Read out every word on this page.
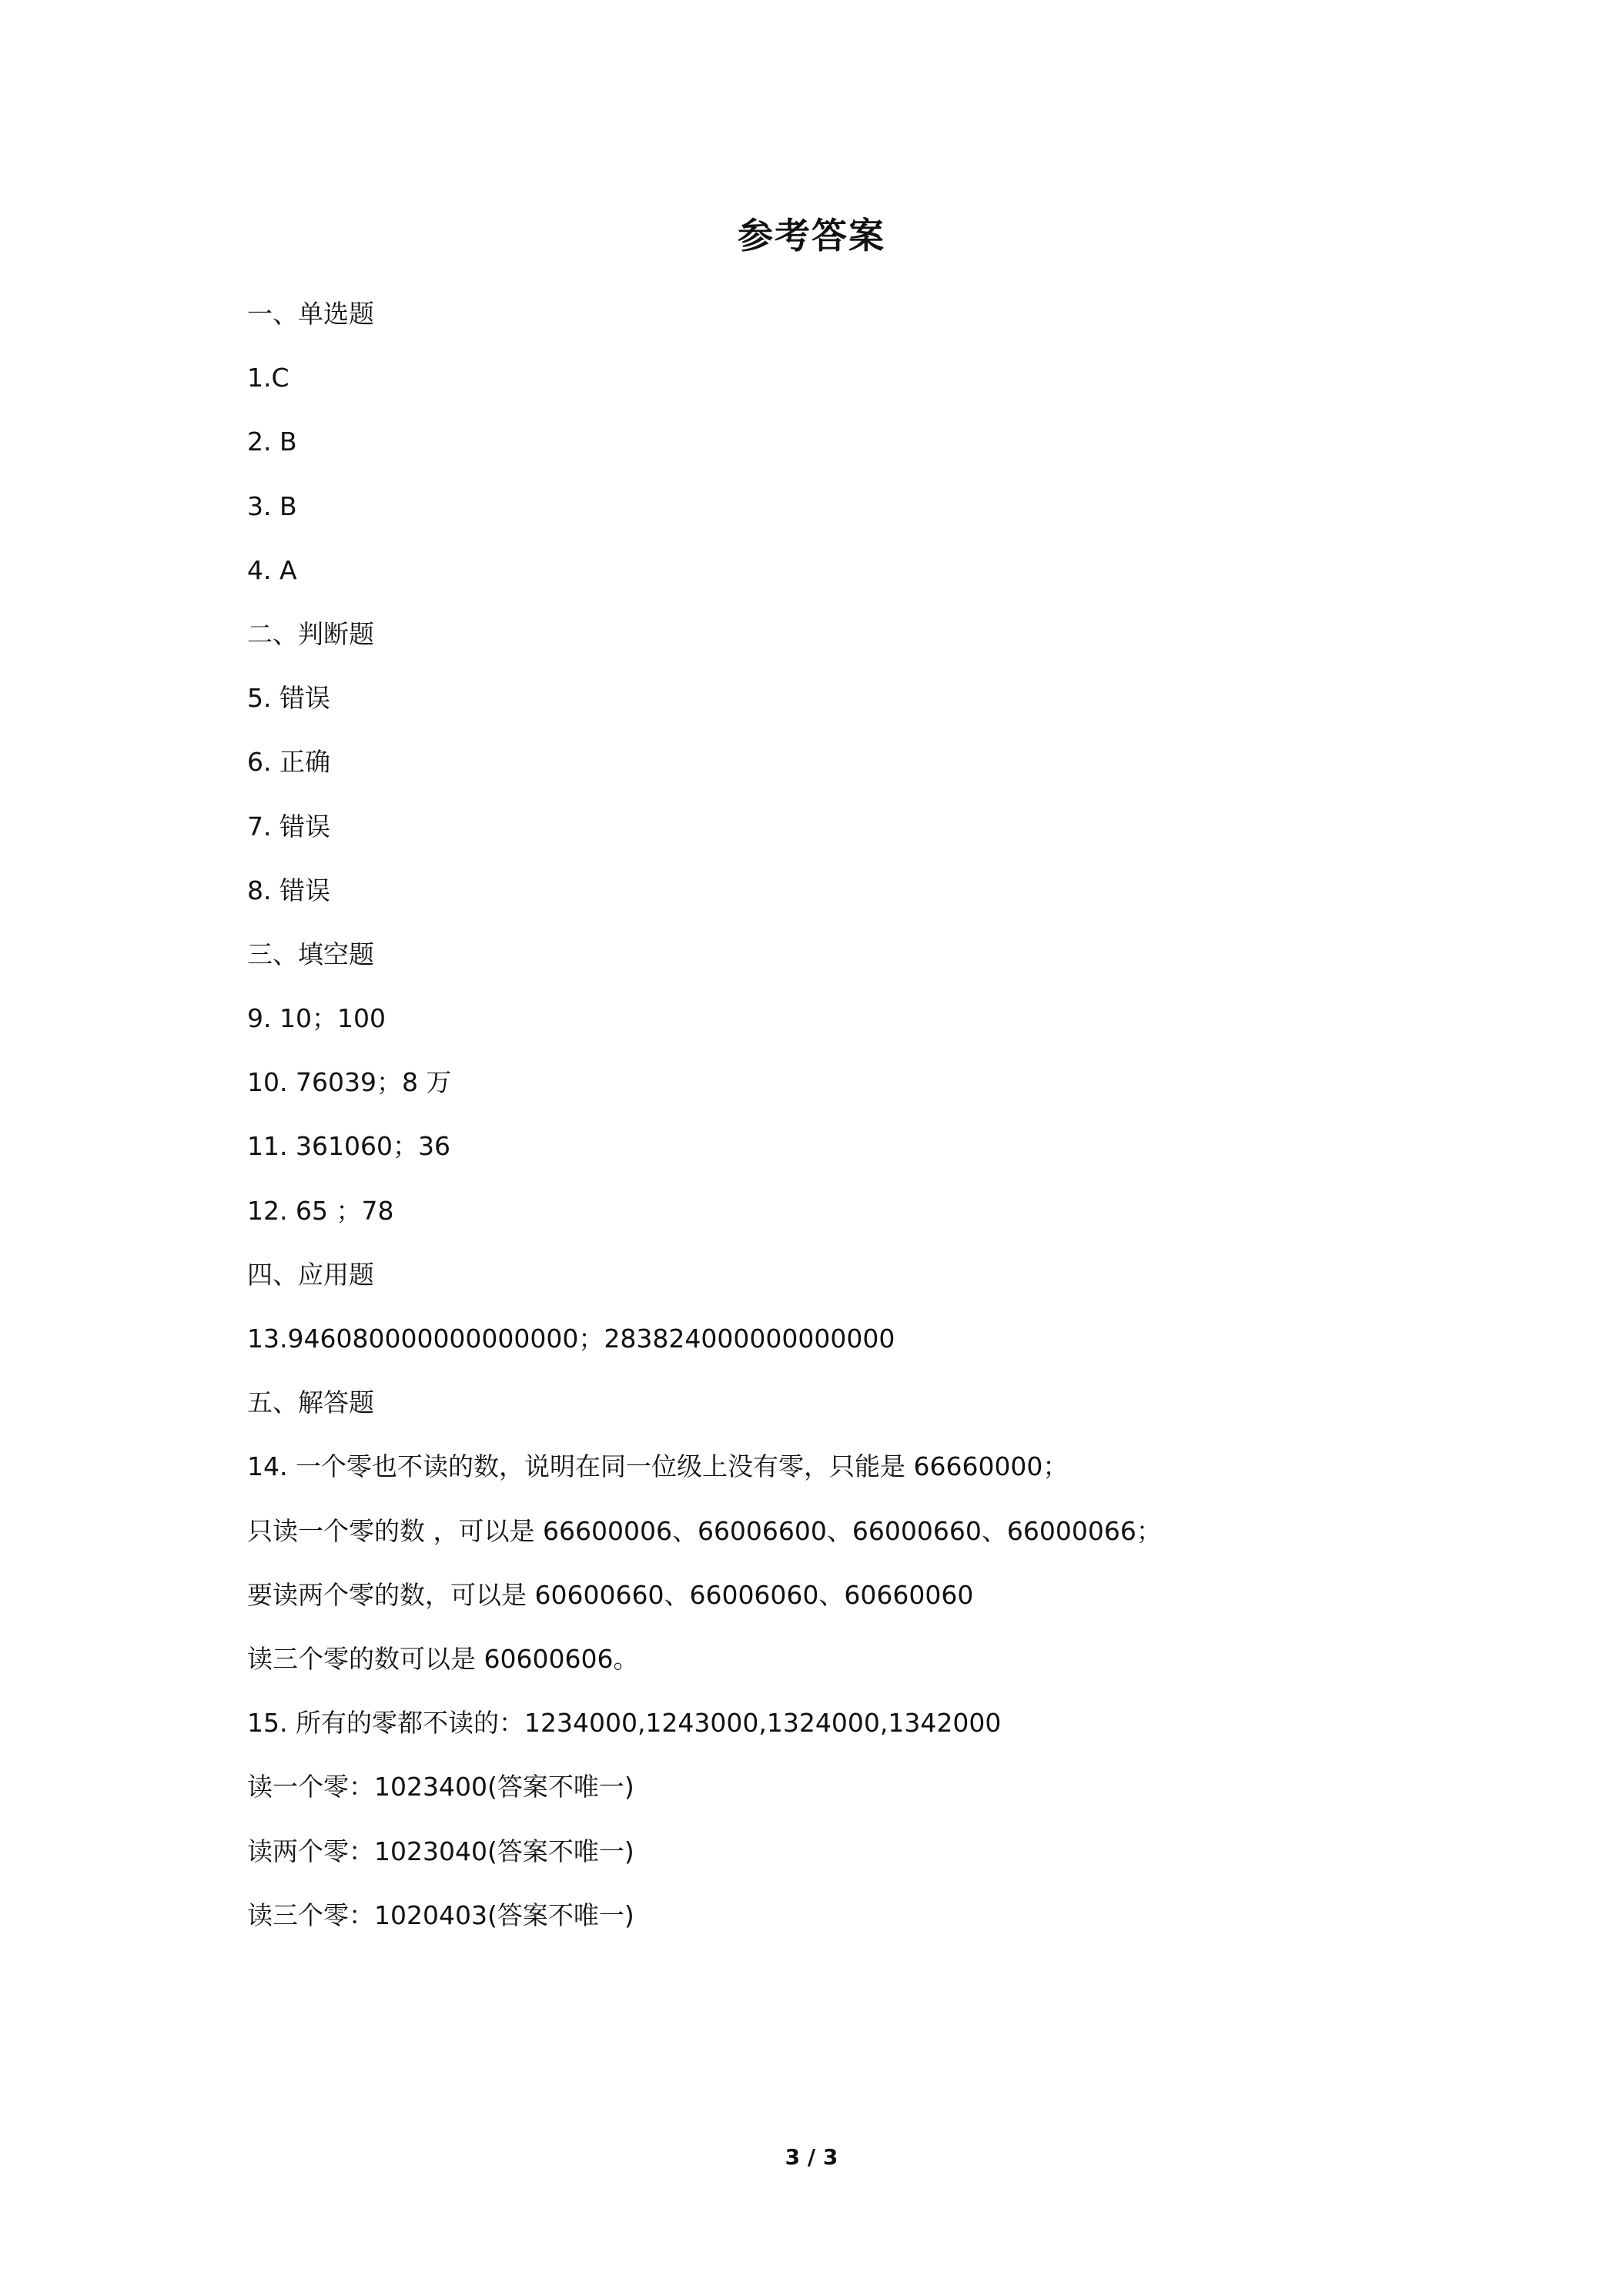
参考答案
一、单选题
1.C
2. B
3. B
4. A
二、判断题
5. 错误
6. 正确
7. 错误
8. 错误
三、填空题
9. 10；100
10. 76039；8 万
11. 361060；36
12. 65 ；78
四、应用题
13.946080000000000000；283824000000000000
五、解答题
14. 一个零也不读的数，说明在同一位级上没有零，只能是 66660000；
只读一个零的数 ，可以是 66600006、66006600、66000660、66000066；
要读两个零的数，可以是 60600660、66006060、60660060
读三个零的数可以是 60600606。
15. 所有的零都不读的：1234000,1243000,1324000,1342000
读一个零：1023400(答案不唯一)
读两个零：1023040(答案不唯一)
读三个零：1020403(答案不唯一)
3 / 3
